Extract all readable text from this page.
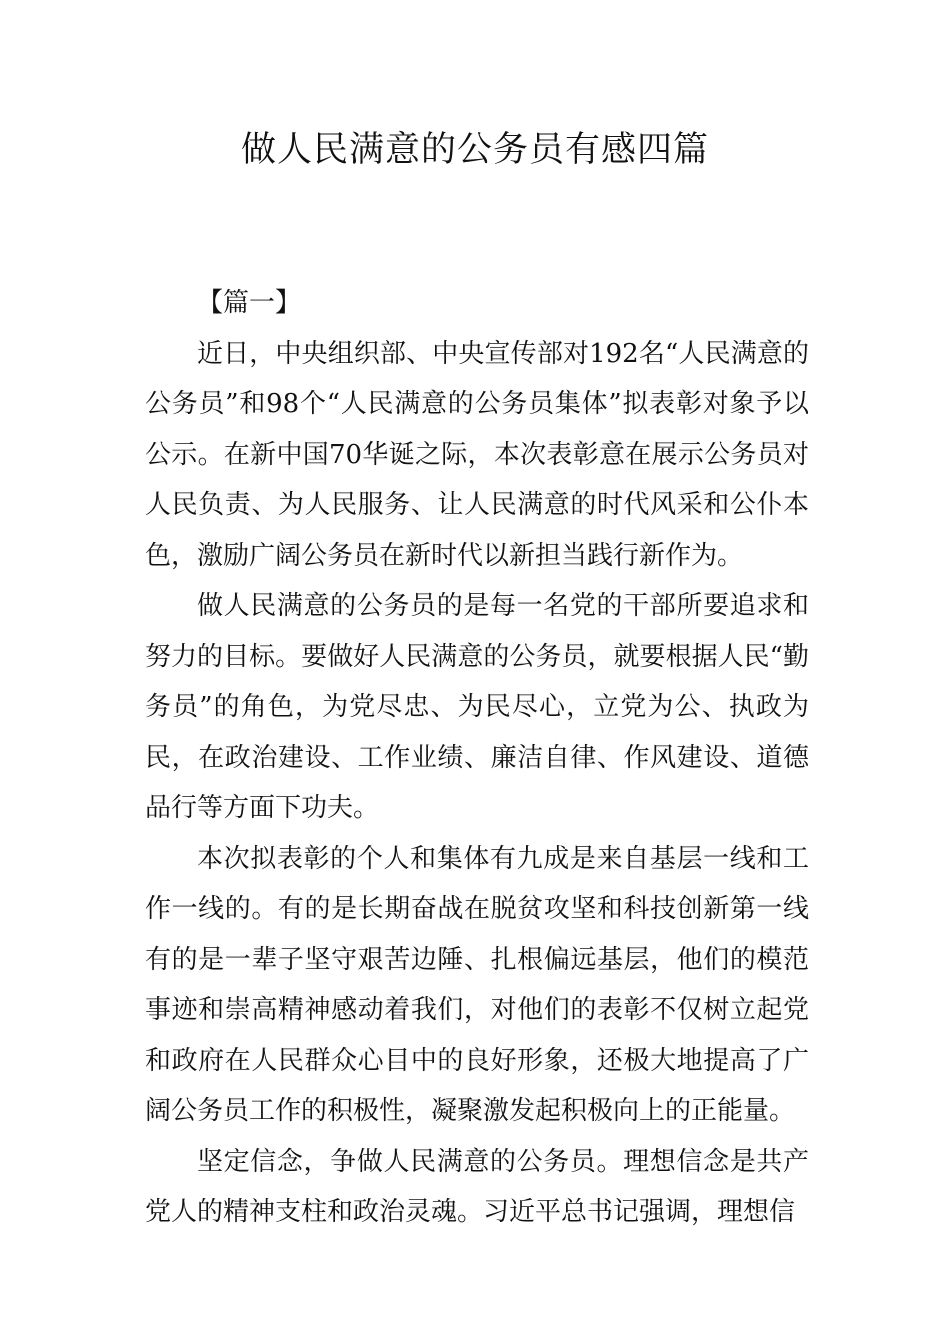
做人民满意的公务员有感四篇

【篇一】

近日，中央组织部、中央宣传部对192名“人民满意的公务员”和98个“人民满意的公务员集体”拟表彰对象予以公示。在新中国70华诞之际，本次表彰意在展示公务员对人民负责、为人民服务、让人民满意的时代风采和公仆本色，激励广阔公务员在新时代以新担当践行新作为。

做人民满意的公务员的是每一名党的干部所要追求和努力的目标。要做好人民满意的公务员，就要根据人民“勤务员”的角色，为党尽忠、为民尽心，立党为公、执政为民，在政治建设、工作业绩、廉洁自律、作风建设、道德品行等方面下功夫。

本次拟表彰的个人和集体有九成是来自基层一线和工作一线的。有的是长期奋战在脱贫攻坚和科技创新第一线有的是一辈子坚守艰苦边陲、扎根偏远基层，他们的模范事迹和崇高精神感动着我们，对他们的表彰不仅树立起党和政府在人民群众心目中的良好形象，还极大地提高了广阔公务员工作的积极性，凝聚激发起积极向上的正能量。

坚定信念，争做人民满意的公务员。理想信念是共产党人的精神支柱和政治灵魂。习近平总书记强调，理想信
